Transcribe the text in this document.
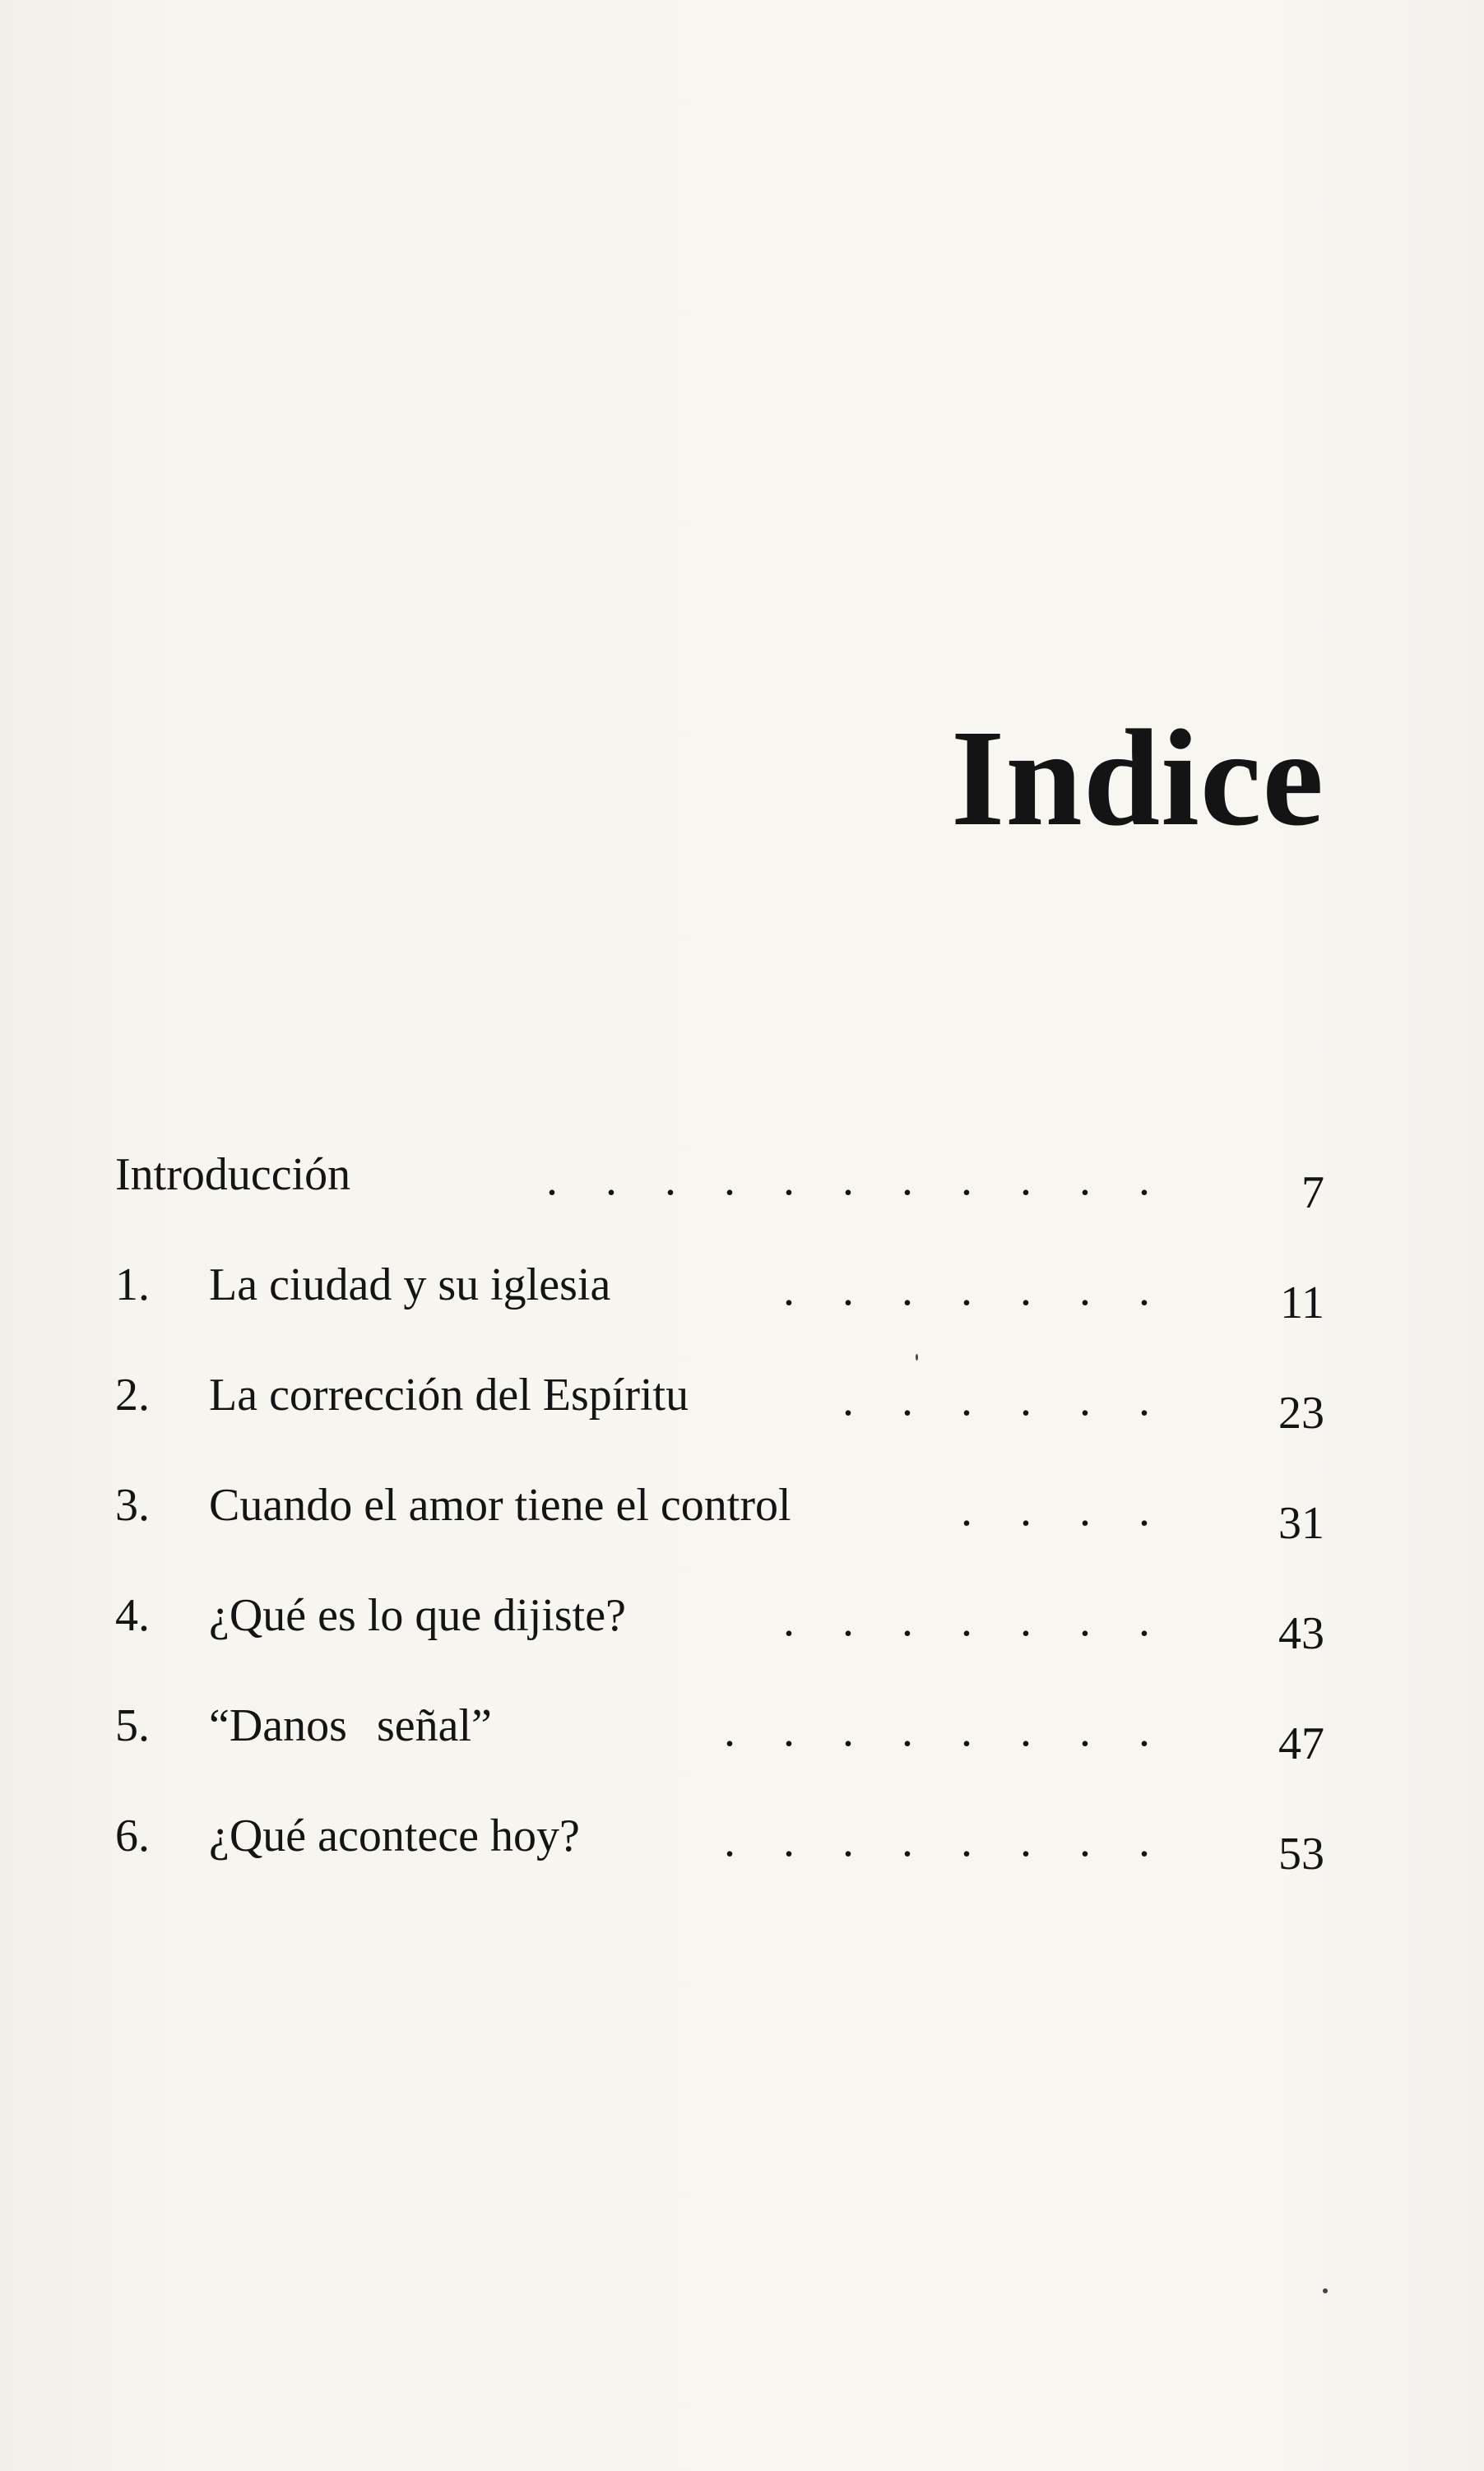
Indice
Introducción	. . . . . . . . . . .	7
1. La ciudad y su iglesia	. . . . . . . 11
2. La corrección del Espíritu	. . . . . . 23
3. Cuando el amor tiene el control	. . . . 31
4. ¿Qué es lo que dijiste?	. . . . . . . 43
5. “Danos señal”	. . . . . . . . 47
6. ¿Qué acontece hoy?	. . . . . . . . 53
